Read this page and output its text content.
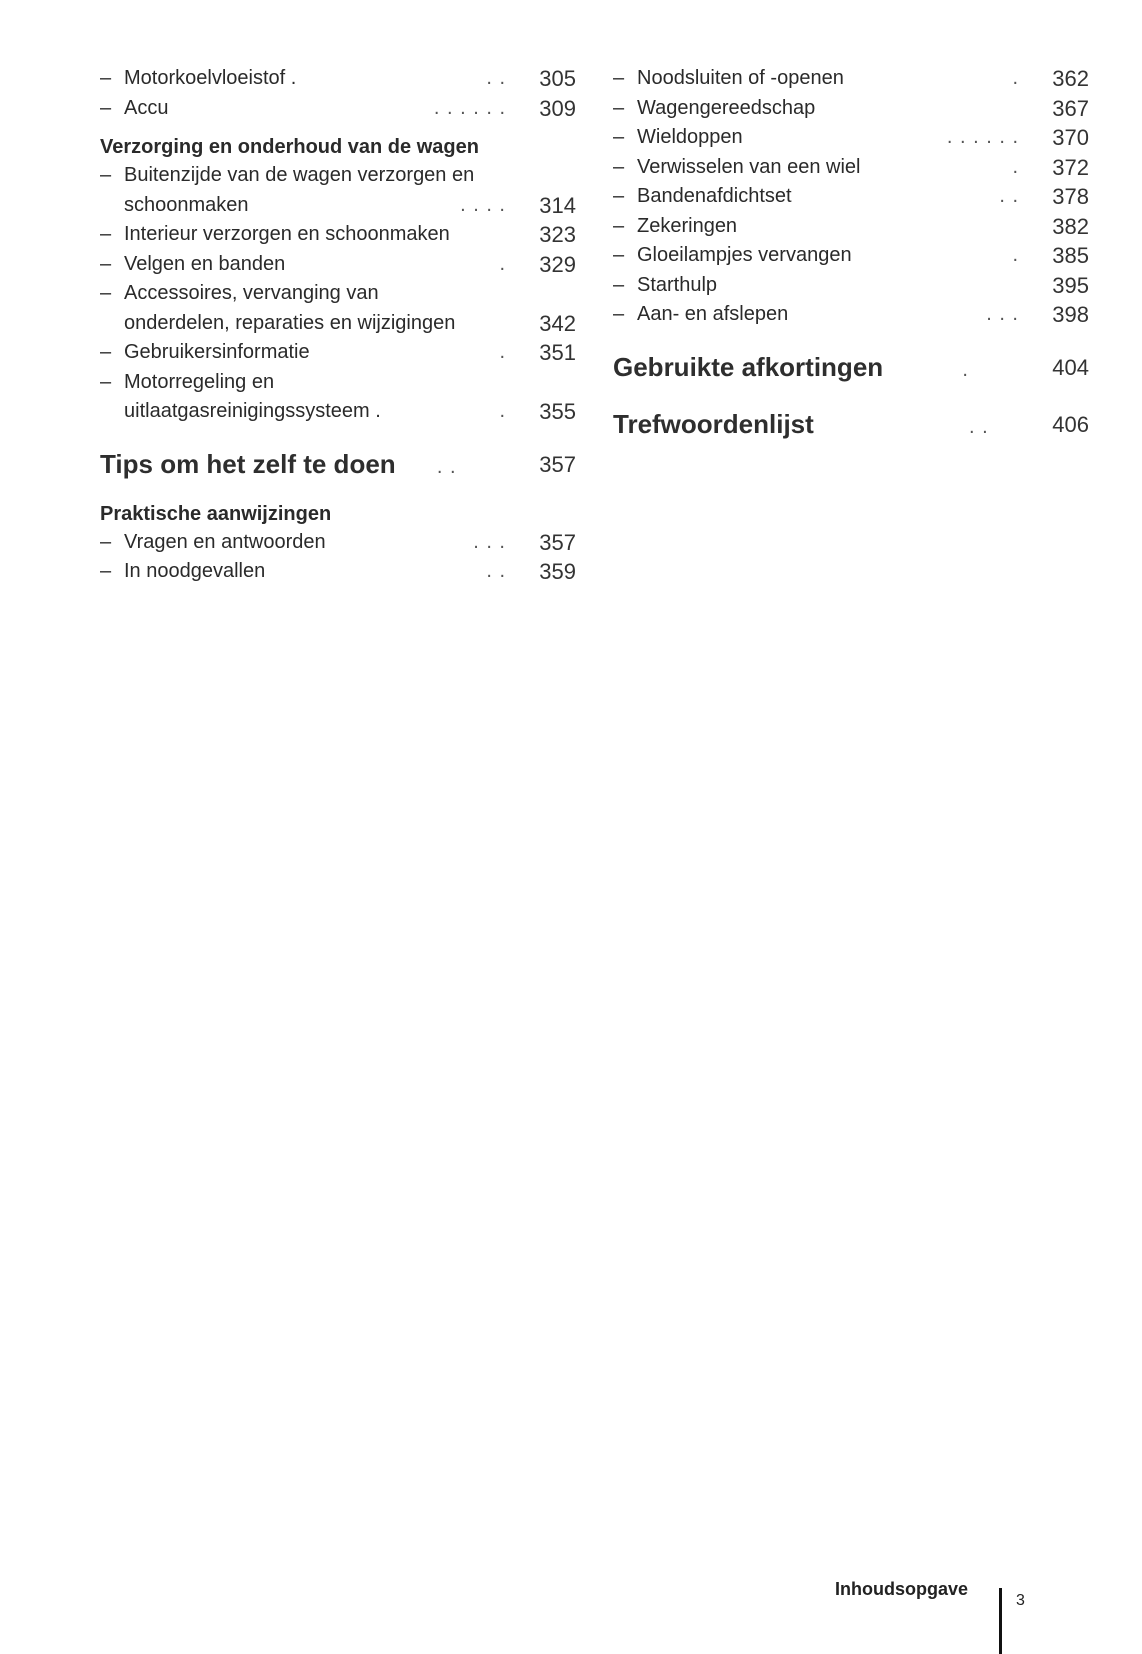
– Motorkoelvloeistof .	. . 305
– Accu	. . . . . . 309
Verzorging en onderhoud van de wagen
– Buitenzijde van de wagen verzorgen en
schoonmaken	. . . . 314
– Interieur verzorgen en schoonmaken	323
– Velgen en banden	. 329
– Accessoires, vervanging van
onderdelen, reparaties en wijzigingen	342
– Gebruikersinformatie	. 351
– Motorregeling en
uitlaatgasreinigingssysteem .	. 355
Tips om het zelf te doen . .	357
Praktische aanwijzingen
– Vragen en antwoorden	. . . 357
– In noodgevallen	. . 359
– Noodsluiten of -openen	. 362
– Wagengereedschap	367
– Wieldoppen	. . . . . . 370
– Verwisselen van een wiel	. 372
– Bandenafdichtset	. . 378
– Zekeringen	382
– Gloeilampjes vervangen	. 385
– Starthulp	395
– Aan- en afslepen	. . . 398
Gebruikte afkortingen	.	404
Trefwoordenlijst	. .	406
Inhoudsopgave
3
